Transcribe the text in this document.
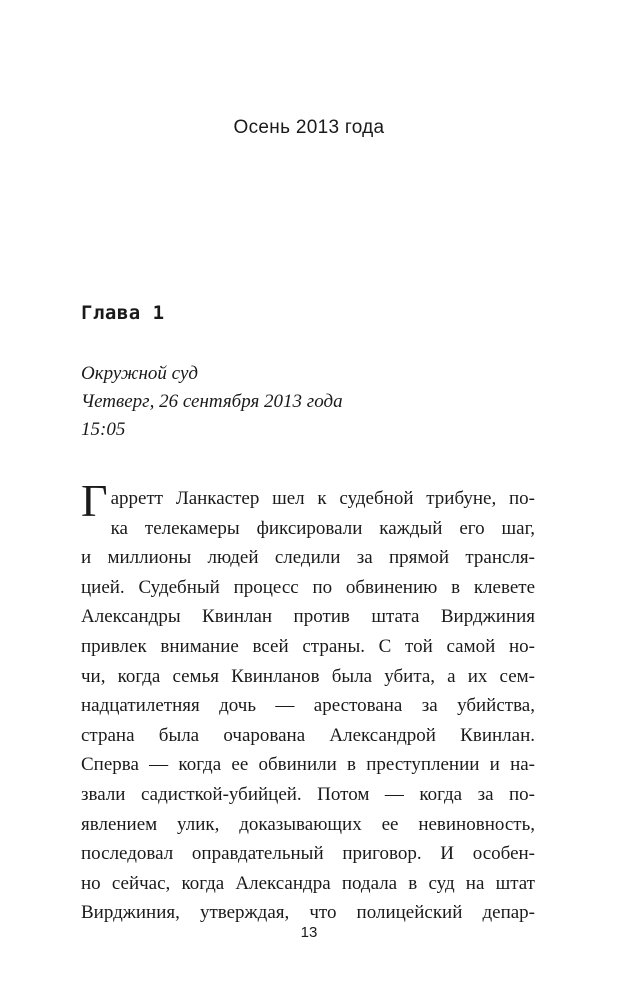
Осень 2013 года
Глава 1
Окружной суд
Четверг, 26 сентября 2013 года
15:05
Гарретт Ланкастер шел к судебной трибуне, по-
ка телекамеры фиксировали каждый его шаг,
и миллионы людей следили за прямой трансля-
цией. Судебный процесс по обвинению в клевете
Александры Квинлан против штата Вирджиния
привлек внимание всей страны. С той самой но-
чи, когда семья Квинланов была убита, а их сем-
надцатилетняя дочь — арестована за убийства,
страна была очарована Александрой Квинлан.
Сперва — когда ее обвинили в преступлении и на-
звали садисткой-убийцей. Потом — когда за по-
явлением улик, доказывающих ее невиновность,
последовал оправдательный приговор. И особен-
но сейчас, когда Александра подала в суд на штат
Вирджиния, утверждая, что полицейский депар-
13
